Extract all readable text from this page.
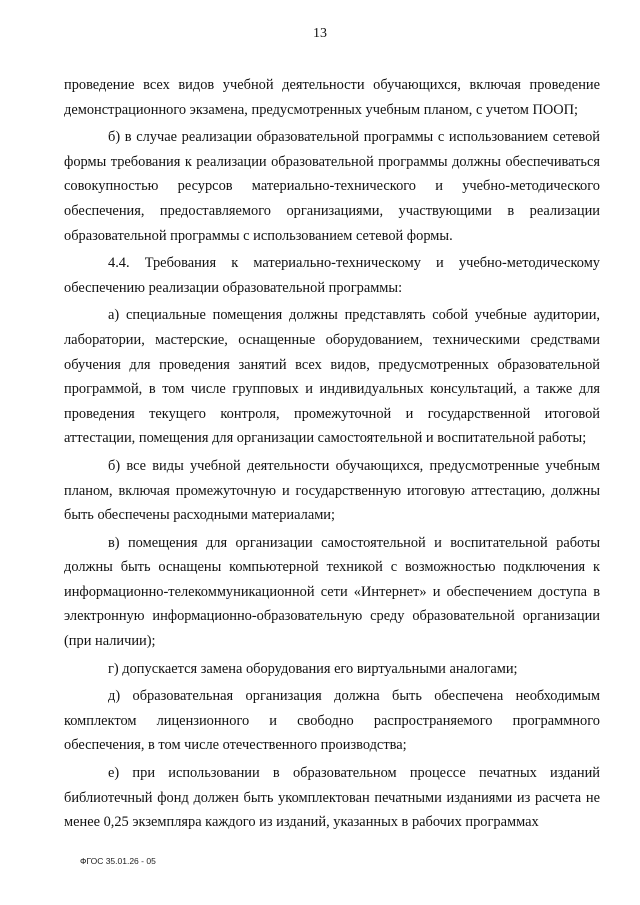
13

проведение всех видов учебной деятельности обучающихся, включая проведение демонстрационного экзамена, предусмотренных учебным планом, с учетом ПООП;

б) в случае реализации образовательной программы с использованием сетевой формы требования к реализации образовательной программы должны обеспечиваться совокупностью ресурсов материально-технического и учебно-методического обеспечения, предоставляемого организациями, участвующими в реализации образовательной программы с использованием сетевой формы.

4.4. Требования к материально-техническому и учебно-методическому обеспечению реализации образовательной программы:

а) специальные помещения должны представлять собой учебные аудитории, лаборатории, мастерские, оснащенные оборудованием, техническими средствами обучения для проведения занятий всех видов, предусмотренных образовательной программой, в том числе групповых и индивидуальных консультаций, а также для проведения текущего контроля, промежуточной и государственной итоговой аттестации, помещения для организации самостоятельной и воспитательной работы;

б) все виды учебной деятельности обучающихся, предусмотренные учебным планом, включая промежуточную и государственную итоговую аттестацию, должны быть обеспечены расходными материалами;

в) помещения для организации самостоятельной и воспитательной работы должны быть оснащены компьютерной техникой с возможностью подключения к информационно-телекоммуникационной сети «Интернет» и обеспечением доступа в электронную информационно-образовательную среду образовательной организации (при наличии);

г) допускается замена оборудования его виртуальными аналогами;

д) образовательная организация должна быть обеспечена необходимым комплектом лицензионного и свободно распространяемого программного обеспечения, в том числе отечественного производства;

е) при использовании в образовательном процессе печатных изданий библиотечный фонд должен быть укомплектован печатными изданиями из расчета не менее 0,25 экземпляра каждого из изданий, указанных в рабочих программах

ФГОС 35.01.26 - 05
